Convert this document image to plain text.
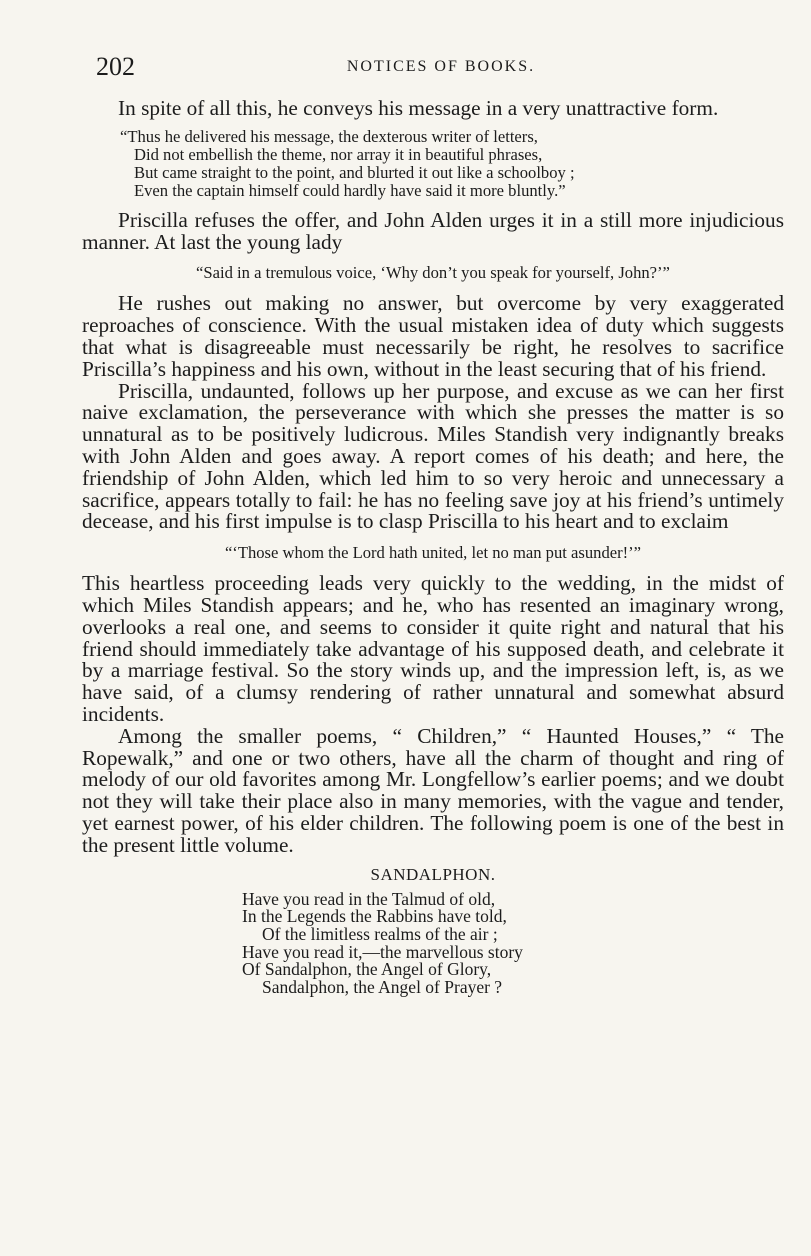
202	NOTICES OF BOOKS.

In spite of all this, he conveys his message in a very unattractive form.

“Thus he delivered his message, the dexterous writer of letters,
Did not embellish the theme, nor array it in beautiful phrases,
But came straight to the point, and blurted it out like a schoolboy ;
Even the captain himself could hardly have said it more bluntly.”

Priscilla refuses the offer, and John Alden urges it in a still more injudicious manner. At last the young lady

“Said in a tremulous voice, ‘Why don’t you speak for yourself, John?’”

He rushes out making no answer, but overcome by very exaggerated reproaches of conscience. With the usual mistaken idea of duty which suggests that what is disagreeable must necessarily be right, he resolves to sacrifice Priscilla’s happiness and his own, without in the least securing that of his friend.

Priscilla, undaunted, follows up her purpose, and excuse as we can her first naive exclamation, the perseverance with which she presses the matter is so unnatural as to be positively ludicrous. Miles Standish very indignantly breaks with John Alden and goes away. A report comes of his death; and here, the friendship of John Alden, which led him to so very heroic and unnecessary a sacrifice, appears totally to fail: he has no feeling save joy at his friend’s untimely decease, and his first impulse is to clasp Priscilla to his heart and to exclaim

“‘Those whom the Lord hath united, let no man put asunder!’”

This heartless proceeding leads very quickly to the wedding, in the midst of which Miles Standish appears; and he, who has resented an imaginary wrong, overlooks a real one, and seems to consider it quite right and natural that his friend should immediately take advantage of his supposed death, and celebrate it by a marriage festival. So the story winds up, and the impression left, is, as we have said, of a clumsy rendering of rather unnatural and somewhat absurd incidents.

Among the smaller poems, “ Children,” “ Haunted Houses,” “ The Ropewalk,” and one or two others, have all the charm of thought and ring of melody of our old favorites among Mr. Longfellow’s earlier poems; and we doubt not they will take their place also in many memories, with the vague and tender, yet earnest power, of his elder children. The following poem is one of the best in the present little volume.

SANDALPHON.
Have you read in the Talmud of old,
In the Legends the Rabbins have told,
Of the limitless realms of the air ;
Have you read it,—the marvellous story
Of Sandalphon, the Angel of Glory,
Sandalphon, the Angel of Prayer ?
